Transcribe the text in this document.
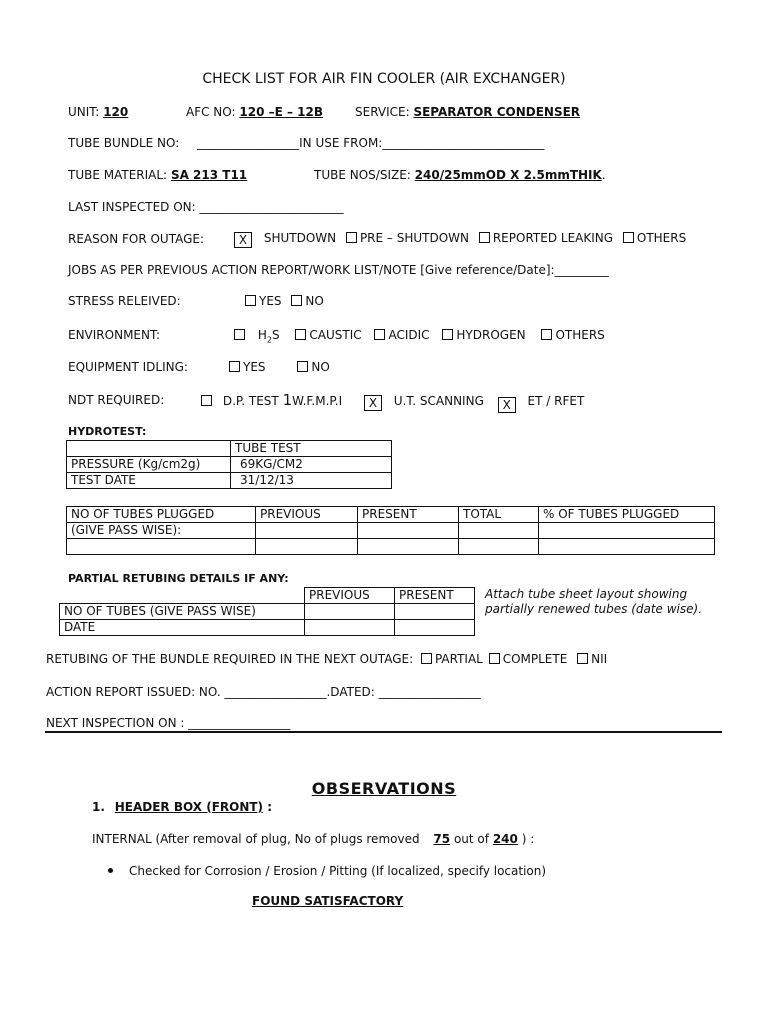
CHECK LIST FOR AIR FIN COOLER (AIR EXCHANGER)
UNIT: 120	AFC NO: 120 –E – 12B	SERVICE: SEPARATOR CONDENSER
TUBE BUNDLE NO: _________________IN USE FROM:___________________________
TUBE MATERIAL: SA 213 T11	TUBE NOS/SIZE: 240/25mmOD X 2.5mmTHIK.
LAST INSPECTED ON: ________________________
REASON FOR OUTAGE:	X SHUTDOWN PRE – SHUTDOWN REPORTED LEAKING OTHERS
JOBS AS PER PREVIOUS ACTION REPORT/WORK LIST/NOTE [Give reference/Date]:_________
STRESS RELEIVED:	YES NO
ENVIRONMENT:	$H_2S$ CAUSTIC ACIDIC HYDROGEN OTHERS
EQUIPMENT IDLING:	YES	NO
NDT REQUIRED:	D.P. TEST 1W.F.M.P.I X U.T. SCANNING X ET / RFET
HYDROTEST:
	TUBE TEST
PRESSURE (Kg/cm2g)	69KG/CM2
TEST DATE	31/12/13
NO OF TUBES PLUGGED	PREVIOUS	PRESENT	TOTAL	% OF TUBES PLUGGED
(GIVE PASS WISE):				

PARTIAL RETUBING DETAILS IF ANY:
	PREVIOUS	PRESENT
NO OF TUBES (GIVE PASS WISE)		
DATE		
Attach tube sheet layout showing
partially renewed tubes (date wise).
RETUBING OF THE BUNDLE REQUIRED IN THE NEXT OUTAGE: PARTIAL COMPLETE NII
ACTION REPORT ISSUED: NO. _________________.DATED: _________________
NEXT INSPECTION ON : _________________
OBSERVATIONS
1. HEADER BOX (FRONT) :
INTERNAL (After removal of plug, No of plugs removed 75 out of 240 ) :
Checked for Corrosion / Erosion / Pitting (If localized, specify location)
FOUND SATISFACTORY
